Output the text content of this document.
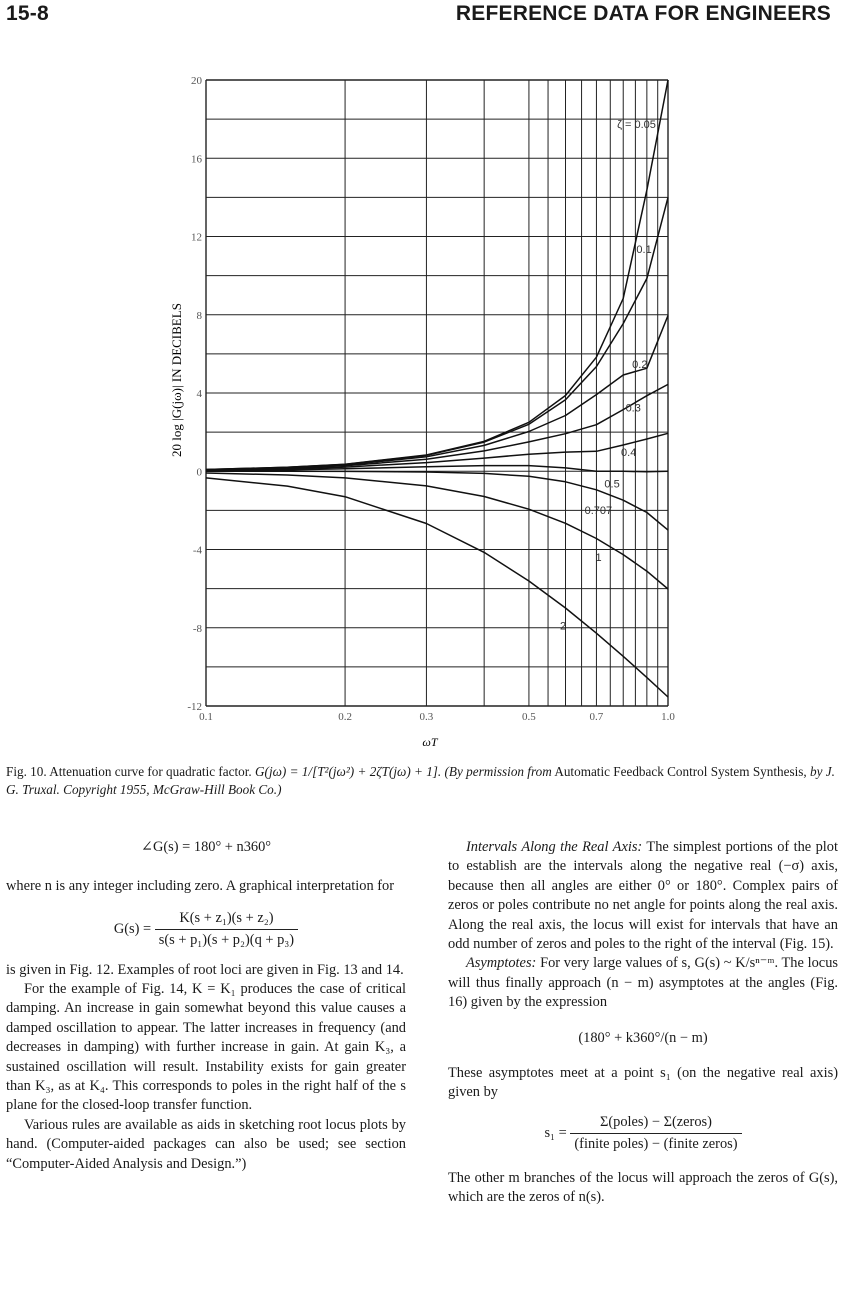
15-8	REFERENCE DATA FOR ENGINEERS
20
16
12
8
4
0
-4
-8
-12
0.1	0.2	0.3	0.5	0.7	1.0
ζ = 0.05
0.1
0.2
0.3
0.4
0.5
0.707
1
2
ωT
20 log |G(jω)| IN DECIBELS
Fig. 10. Attenuation curve for quadratic factor. G(jω) = 1/[T²(jω²) + 2ζT(jω) + 1]. (By permission from Automatic Feedback Control System Synthesis, by J. G. Truxal. Copyright 1955, McGraw-Hill Book Co.)

∠G(s) = 180° + n360°

where n is any integer including zero. A graphical interpretation for

$G(s) = \frac{\text{K(s + z₁)(s + z₂)}}{\text{s(s + p₁)(s + p₂)(q + p₃)}}$

is given in Fig. 12. Examples of root loci are given in Fig. 13 and 14.

For the example of Fig. 14, K = K₁ produces the case of critical damping. An increase in gain somewhat beyond this value causes a damped oscillation to appear. The latter increases in frequency (and decreases in damping) with further increase in gain. At gain K₃, a sustained oscillation will result. Instability exists for gain greater than K₃, as at K₄. This corresponds to poles in the right half of the s plane for the closed-loop transfer function.

Various rules are available as aids in sketching root locus plots by hand. (Computer-aided packages can also be used; see section “Computer-Aided Analysis and Design.”)

Intervals Along the Real Axis: The simplest portions of the plot to establish are the intervals along the negative real (−σ) axis, because then all angles are either 0° or 180°. Complex pairs of zeros or poles contribute no net angle for points along the real axis. Along the real axis, the locus will exist for intervals that have an odd number of zeros and poles to the right of the interval (Fig. 15).

Asymptotes: For very large values of s, G(s) ~ K/sⁿ⁻ᵐ. The locus will thus finally approach (n − m) asymptotes at the angles (Fig. 16) given by the expression

(180° + k360°/(n − m)

These asymptotes meet at a point s₁ (on the negative real axis) given by

$s_1 = \frac{\text{Σ(poles) − Σ(zeros)}}{\text{(finite poles) − (finite zeros)}}$

The other m branches of the locus will approach the zeros of G(s), which are the zeros of n(s).
